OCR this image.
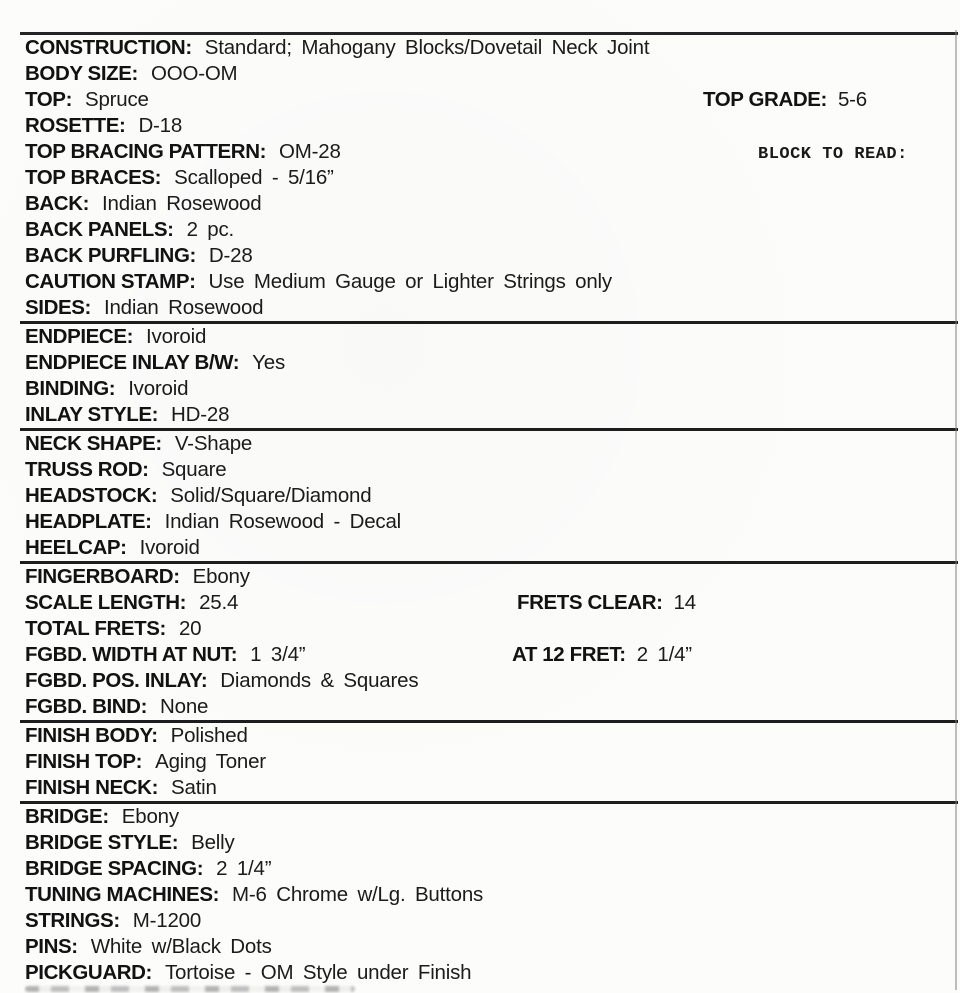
CONSTRUCTION: Standard; Mahogany Blocks/Dovetail Neck Joint
BODY SIZE: OOO-OM
TOP: Spruce	TOP GRADE: 5-6
ROSETTE: D-18
TOP BRACING PATTERN: OM-28	BLOCK TO READ:
TOP BRACES: Scalloped - 5/16”
BACK: Indian Rosewood
BACK PANELS: 2 pc.
BACK PURFLING: D-28
CAUTION STAMP: Use Medium Gauge or Lighter Strings only
SIDES: Indian Rosewood
ENDPIECE: Ivoroid
ENDPIECE INLAY B/W: Yes
BINDING: Ivoroid
INLAY STYLE: HD-28
NECK SHAPE: V-Shape
TRUSS ROD: Square
HEADSTOCK: Solid/Square/Diamond
HEADPLATE: Indian Rosewood - Decal
HEELCAP: Ivoroid
FINGERBOARD: Ebony
SCALE LENGTH: 25.4	FRETS CLEAR: 14
TOTAL FRETS: 20
FGBD. WIDTH AT NUT: 1 3/4”	AT 12 FRET: 2 1/4”
FGBD. POS. INLAY: Diamonds & Squares
FGBD. BIND: None
FINISH BODY: Polished
FINISH TOP: Aging Toner
FINISH NECK: Satin
BRIDGE: Ebony
BRIDGE STYLE: Belly
BRIDGE SPACING: 2 1/4”
TUNING MACHINES: M-6 Chrome w/Lg. Buttons
STRINGS: M-1200
PINS: White w/Black Dots
PICKGUARD: Tortoise - OM Style under Finish
